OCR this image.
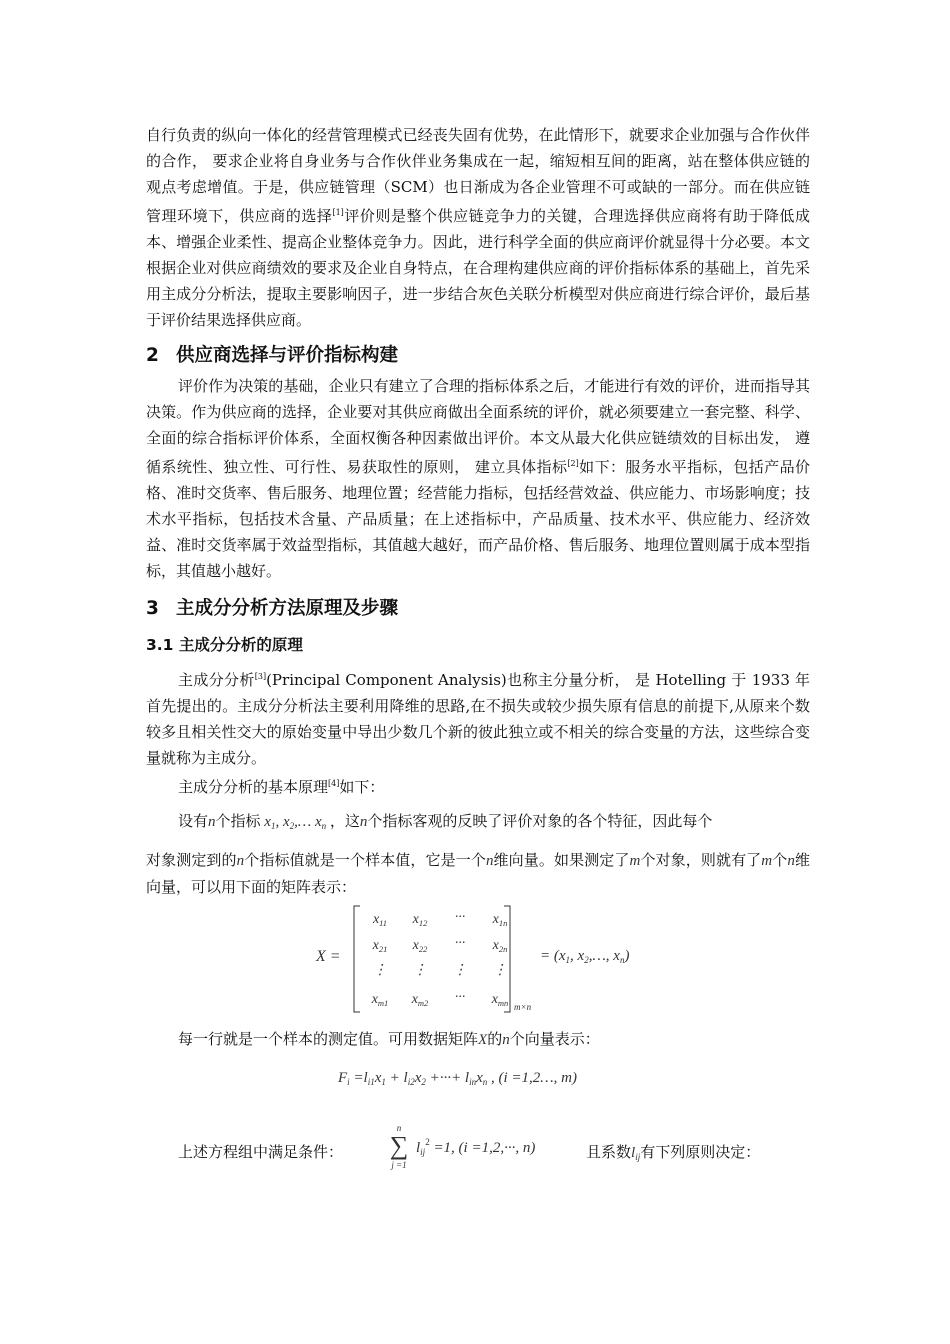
自行负责的纵向一体化的经营管理模式已经丧失固有优势，在此情形下，就要求企业加强与合作伙伴的合作， 要求企业将自身业务与合作伙伴业务集成在一起，缩短相互间的距离，站在整体供应链的观点考虑增值。于是，供应链管理（SCM）也日渐成为各企业管理不可或缺的一部分。而在供应链管理环境下，供应商的选择[1]评价则是整个供应链竞争力的关键，合理选择供应商将有助于降低成本、增强企业柔性、提高企业整体竞争力。因此，进行科学全面的供应商评价就显得十分必要。本文根据企业对供应商绩效的要求及企业自身特点，在合理构建供应商的评价指标体系的基础上，首先采用主成分分析法，提取主要影响因子，进一步结合灰色关联分析模型对供应商进行综合评价，最后基于评价结果选择供应商。

2 供应商选择与评价指标构建

评价作为决策的基础，企业只有建立了合理的指标体系之后，才能进行有效的评价，进而指导其决策。作为供应商的选择，企业要对其供应商做出全面系统的评价，就必须要建立一套完整、科学、全面的综合指标评价体系，全面权衡各种因素做出评价。本文从最大化供应链绩效的目标出发， 遵循系统性、独立性、可行性、易获取性的原则， 建立具体指标[2]如下：服务水平指标，包括产品价格、准时交货率、售后服务、地理位置；经营能力指标，包括经营效益、供应能力、市场影响度；技术水平指标，包括技术含量、产品质量；在上述指标中，产品质量、技术水平、供应能力、经济效益、准时交货率属于效益型指标，其值越大越好，而产品价格、售后服务、地理位置则属于成本型指标，其值越小越好。

3 主成分分析方法原理及步骤
3.1 主成分分析的原理

主成分分析[3](Principal Component Analysis)也称主分量分析， 是 Hotelling 于 1933 年首先提出的。主成分分析法主要利用降维的思路,在不损失或较少损失原有信息的前提下,从原来个数较多且相关性交大的原始变量中导出少数几个新的彼此独立或不相关的综合变量的方法，这些综合变量就称为主成分。

主成分分析的基本原理[4]如下：

设有n个指标 $x_1$, $x_2,\dots$ $x_n$ ，这n个指标客观的反映了评价对象的各个特征，因此每个

对象测定到的n个指标值就是一个样本值，它是一个n维向量。如果测定了m个对象，则就有了m个n维向量，可以用下面的矩阵表示：

X =
$x_{11}$	$x_{12}$	···	$x_{1n}$
$x_{21}$	$x_{22}$	···	$x_{2n}$
⋮	⋮	⋮	⋮
$x_{m1}$	$x_{m2}$	···	$x_{mn}$ m×n
= ($x_1$, $x_2,\dots$, $x_n$)

每一行就是一个样本的测定值。可用数据矩阵X的n个向量表示：

$F_i =l_{i1}x_1 + l_{i2}x_2$ +···+ $l_{in}x_n$ , (i =1,2…, m)
上述方程组中满足条件：
n
∑
j =1
$l_{ij}^2 =1$, (i =1,2,···, n)	且系数$l_{ij}$有下列原则决定：
